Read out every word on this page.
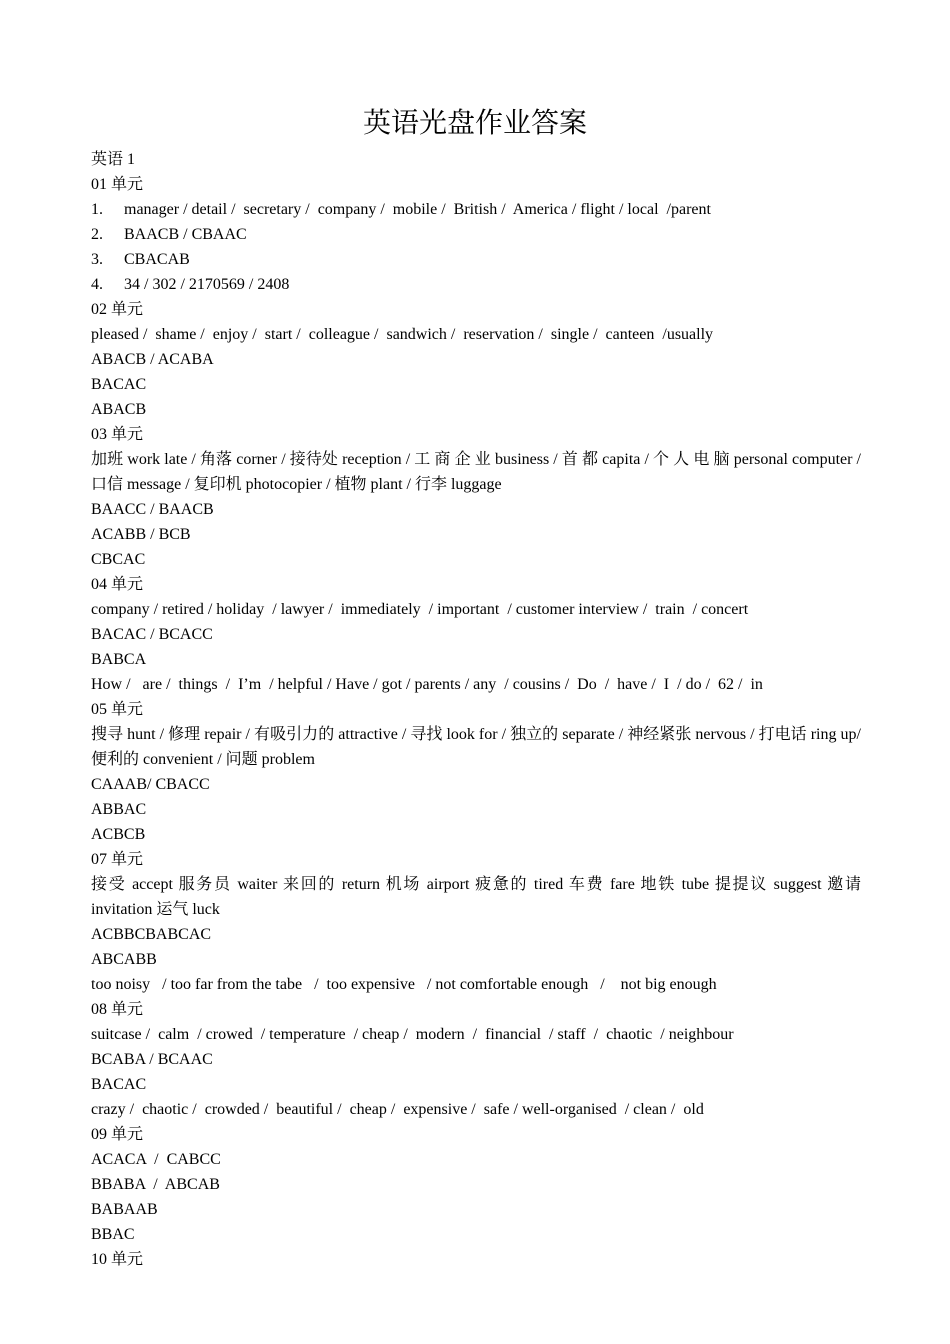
英语光盘作业答案
英语 1
01 单元
1. manager / detail /  secretary /  company /  mobile /  British /  America / flight / local  /parent
2. BAACB / CBAAC
3. CBACAB
4. 34 / 302 / 2170569 / 2408
02 单元
pleased /  shame /  enjoy /  start /  colleague /  sandwich /  reservation /  single /  canteen  /usually
ABACB / ACABA
BACAC
ABACB
03 单元
加班 work late / 角落 corner / 接待处 reception / 工 商 企 业 business / 首 都 capita / 个 人 电 脑 personal computer / 口信 message / 复印机 photocopier / 植物 plant / 行李 luggage
BAACC / BAACB
ACABB / BCB
CBCAC
04 单元
company / retired / holiday  / lawyer /  immediately  / important  / customer interview /  train  / concert
BACAC / BCACC
BABCA
How /   are /  things  /  I’m  / helpful / Have / got / parents / any  / cousins /  Do  /  have /  I  / do /  62 /  in
05 单元
搜寻 hunt / 修理 repair / 有吸引力的 attractive / 寻找 look for / 独立的 separate / 神经紧张 nervous / 打电话 ring up/ 便利的 convenient / 问题 problem
CAAAB/ CBACC
ABBAC
ACBCB
07 单元
接受 accept 服务员 waiter 来回的 return 机场 airport 疲惫的 tired 车费 fare 地铁 tube 提提议 suggest 邀请 invitation 运气 luck
ACBBCBABCAC
ABCABB
too noisy   / too far from the tabe   /  too expensive   / not comfortable enough   /    not big enough
08 单元
suitcase /  calm  / crowed  / temperature  / cheap /  modern  /  financial  / staff  /  chaotic  / neighbour
BCABA / BCAAC
BACAC
crazy /  chaotic /  crowded /  beautiful /  cheap /  expensive /  safe / well-organised  / clean /  old
09 单元
ACACA  /  CABCC
BBABA  /  ABCAB
BABAAB
BBAC
10 单元
